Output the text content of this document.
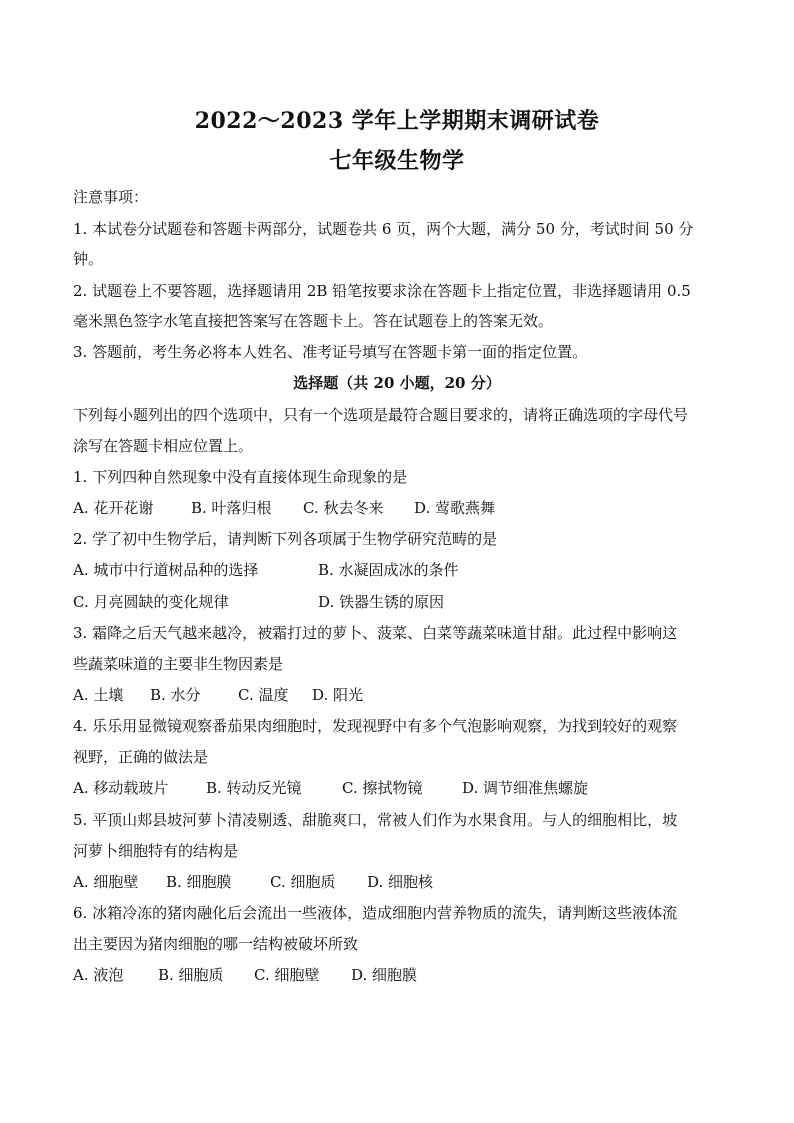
2022～2023 学年上学期期末调研试卷
七年级生物学
注意事项：
1. 本试卷分试题卷和答题卡两部分，试题卷共 6 页，两个大题，满分 50 分，考试时间 50 分
钟。
2. 试题卷上不要答题，选择题请用 2B 铅笔按要求涂在答题卡上指定位置，非选择题请用 0.5
毫米黑色签字水笔直接把答案写在答题卡上。答在试题卷上的答案无效。
3. 答题前，考生务必将本人姓名、准考证号填写在答题卡第一面的指定位置。
选择题（共 20 小题，20 分）
下列每小题列出的四个选项中，只有一个选项是最符合题目要求的，请将正确选项的字母代号
涂写在答题卡相应位置上。
1. 下列四种自然现象中没有直接体现生命现象的是
A. 花开花谢	B. 叶落归根 C. 秋去冬来 D. 莺歌燕舞
2. 学了初中生物学后，请判断下列各项属于生物学研究范畴的是
A. 城市中行道树品种的选择	B. 水凝固成冰的条件
C. 月亮圆缺的变化规律	D. 铁器生锈的原因
3. 霜降之后天气越来越冷，被霜打过的萝卜、菠菜、白菜等蔬菜味道甘甜。此过程中影响这
些蔬菜味道的主要非生物因素是
A. 土壤 B. 水分 C. 温度 D. 阳光
4. 乐乐用显微镜观察番茄果肉细胞时，发现视野中有多个气泡影响观察，为找到较好的观察
视野，正确的做法是
A. 移动载玻片	B. 转动反光镜	C. 擦拭物镜	D. 调节细准焦螺旋
5. 平顶山郏县坡河萝卜清凌剔透、甜脆爽口，常被人们作为水果食用。与人的细胞相比，坡
河萝卜细胞特有的结构是
A. 细胞壁 B. 细胞膜	C. 细胞质 D. 细胞核
6. 冰箱冷冻的猪肉融化后会流出一些液体，造成细胞内营养物质的流失，请判断这些液体流
出主要因为猪肉细胞的哪一结构被破坏所致
A. 液泡 B. 细胞质 C. 细胞壁 D. 细胞膜
